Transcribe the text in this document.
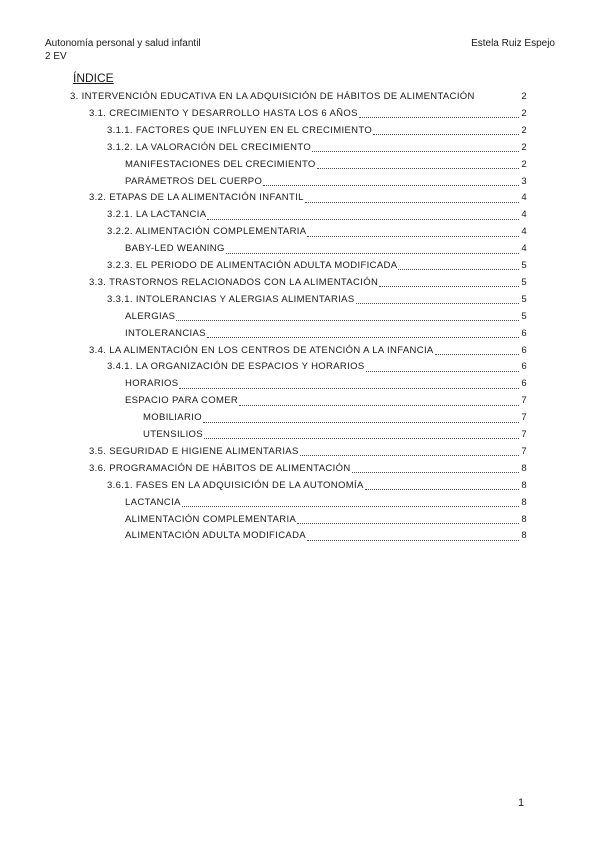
Autonomía personal y salud infantil
2 EV
Estela Ruiz Espejo
ÍNDICE
3. INTERVENCIÓN EDUCATIVA EN LA ADQUISICIÓN DE HÁBITOS DE ALIMENTACIÓN	2
3.1. CRECIMIENTO Y DESARROLLO HASTA LOS 6 AÑOS	2
3.1.1. FACTORES QUE INFLUYEN EN EL CRECIMIENTO	2
3.1.2. LA VALORACIÓN DEL CRECIMIENTO	2
MANIFESTACIONES DEL CRECIMIENTO	2
PARÁMETROS DEL CUERPO	3
3.2. ETAPAS DE LA ALIMENTACIÓN INFANTIL	4
3.2.1. LA LACTANCIA	4
3.2.2. ALIMENTACIÓN COMPLEMENTARIA	4
BABY-LED WEANING	4
3.2.3. EL PERIODO DE ALIMENTACIÓN ADULTA MODIFICADA	5
3.3. TRASTORNOS RELACIONADOS CON LA ALIMENTACIÓN	5
3.3.1. INTOLERANCIAS Y ALERGIAS ALIMENTARIAS	5
ALERGIAS	5
INTOLERANCIAS	6
3.4. LA ALIMENTACIÓN EN LOS CENTROS DE ATENCIÓN A LA INFANCIA	6
3.4.1. LA ORGANIZACIÓN DE ESPACIOS Y HORARIOS	6
HORARIOS	6
ESPACIO PARA COMER	7
MOBILIARIO	7
UTENSILIOS	7
3.5. SEGURIDAD E HIGIENE ALIMENTARIAS	7
3.6. PROGRAMACIÓN DE HÁBITOS DE ALIMENTACIÓN	8
3.6.1. FASES EN LA ADQUISICIÓN DE LA AUTONOMÍA	8
LACTANCIA	8
ALIMENTACIÓN COMPLEMENTARIA	8
ALIMENTACIÓN ADULTA MODIFICADA	8
1
